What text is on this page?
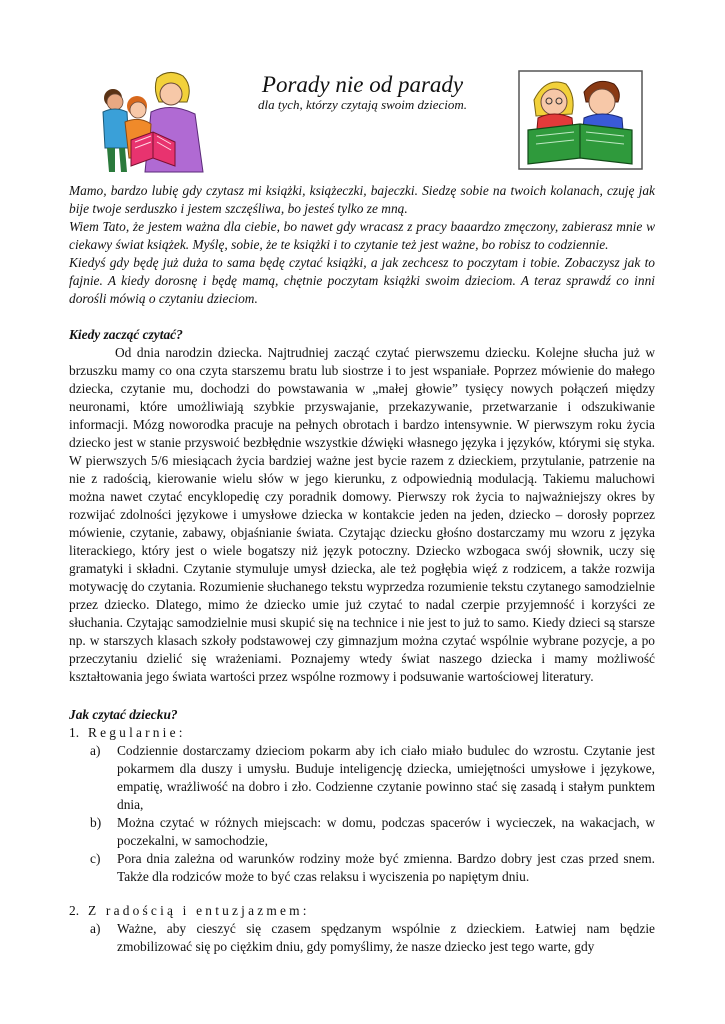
Porady nie od parady
dla tych, którzy czytają swoim dzieciom.

Mamo, bardzo lubię gdy czytasz mi książki, książeczki, bajeczki. Siedzę sobie na twoich kolanach, czuję jak bije twoje serduszko i jestem szczęśliwa, bo jesteś tylko ze mną.

Wiem Tato, że jestem ważna dla ciebie, bo nawet gdy wracasz z pracy baaardzo zmęczony, zabierasz mnie w ciekawy świat książek. Myślę, sobie, że te książki i to czytanie też jest ważne, bo robisz to codziennie.

Kiedyś gdy będę już duża to sama będę czytać książki, a jak zechcesz to poczytam i tobie. Zobaczysz jak to fajnie. A kiedy dorosnę i będę mamą, chętnie poczytam książki swoim dzieciom. A teraz sprawdź co inni dorośli mówią o czytaniu dzieciom.

Kiedy zacząć czytać?

Od dnia narodzin dziecka. Najtrudniej zacząć czytać pierwszemu dziecku. Kolejne słucha już w brzuszku mamy co ona czyta starszemu bratu lub siostrze i to jest wspaniałe. Poprzez mówienie do małego dziecka, czytanie mu, dochodzi do powstawania w „małej głowie” tysięcy nowych połączeń między neuronami, które umożliwiają szybkie przyswajanie, przekazywanie, przetwarzanie i odszukiwanie informacji. Mózg noworodka pracuje na pełnych obrotach i bardzo intensywnie. W pierwszym roku życia dziecko jest w stanie przyswoić bezbłędnie wszystkie dźwięki własnego języka i języków, którymi się styka. W pierwszych 5/6 miesiącach życia bardziej ważne jest bycie razem z dzieckiem, przytulanie, patrzenie na nie z radością, kierowanie wielu słów w jego kierunku, z odpowiednią modulacją. Takiemu maluchowi można nawet czytać encyklopedię czy poradnik domowy. Pierwszy rok życia to najważniejszy okres by rozwijać zdolności językowe i umysłowe dziecka w kontakcie jeden na jeden, dziecko – dorosły poprzez mówienie, czytanie, zabawy, objaśnianie świata. Czytając dziecku głośno dostarczamy mu wzoru z języka literackiego, który jest o wiele bogatszy niż język potoczny. Dziecko wzbogaca swój słownik, uczy się gramatyki i składni. Czytanie stymuluje umysł dziecka, ale też pogłębia więź z rodzicem, a także rozwija motywację do czytania. Rozumienie słuchanego tekstu wyprzedza rozumienie tekstu czytanego samodzielnie przez dziecko. Dlatego, mimo że dziecko umie już czytać to nadal czerpie przyjemność i korzyści ze słuchania. Czytając samodzielnie musi skupić się na technice i nie jest to już to samo. Kiedy dzieci są starsze np. w starszych klasach szkoły podstawowej czy gimnazjum można czytać wspólnie wybrane pozycje, a po przeczytaniu dzielić się wrażeniami. Poznajemy wtedy świat naszego dziecka i mamy możliwość kształtowania jego świata wartości przez wspólne rozmowy i podsuwanie wartościowej literatury.

Jak czytać dziecku?
1. Regularnie:
a) Codziennie dostarczamy dzieciom pokarm aby ich ciało miało budulec do wzrostu. Czytanie jest pokarmem dla duszy i umysłu. Buduje inteligencję dziecka, umiejętności umysłowe i językowe, empatię, wrażliwość na dobro i zło. Codzienne czytanie powinno stać się zasadą i stałym punktem dnia,
b) Można czytać w różnych miejscach: w domu, podczas spacerów i wycieczek, na wakacjach, w poczekalni, w samochodzie,
c) Pora dnia zależna od warunków rodziny może być zmienna. Bardzo dobry jest czas przed snem. Także dla rodziców może to być czas relaksu i wyciszenia po napiętym dniu.
2. Z radością i entuzjazmem:
a) Ważne, aby cieszyć się czasem spędzanym wspólnie z dzieckiem. Łatwiej nam będzie zmobilizować się po ciężkim dniu, gdy pomyślimy, że nasze dziecko jest tego warte, gdy
